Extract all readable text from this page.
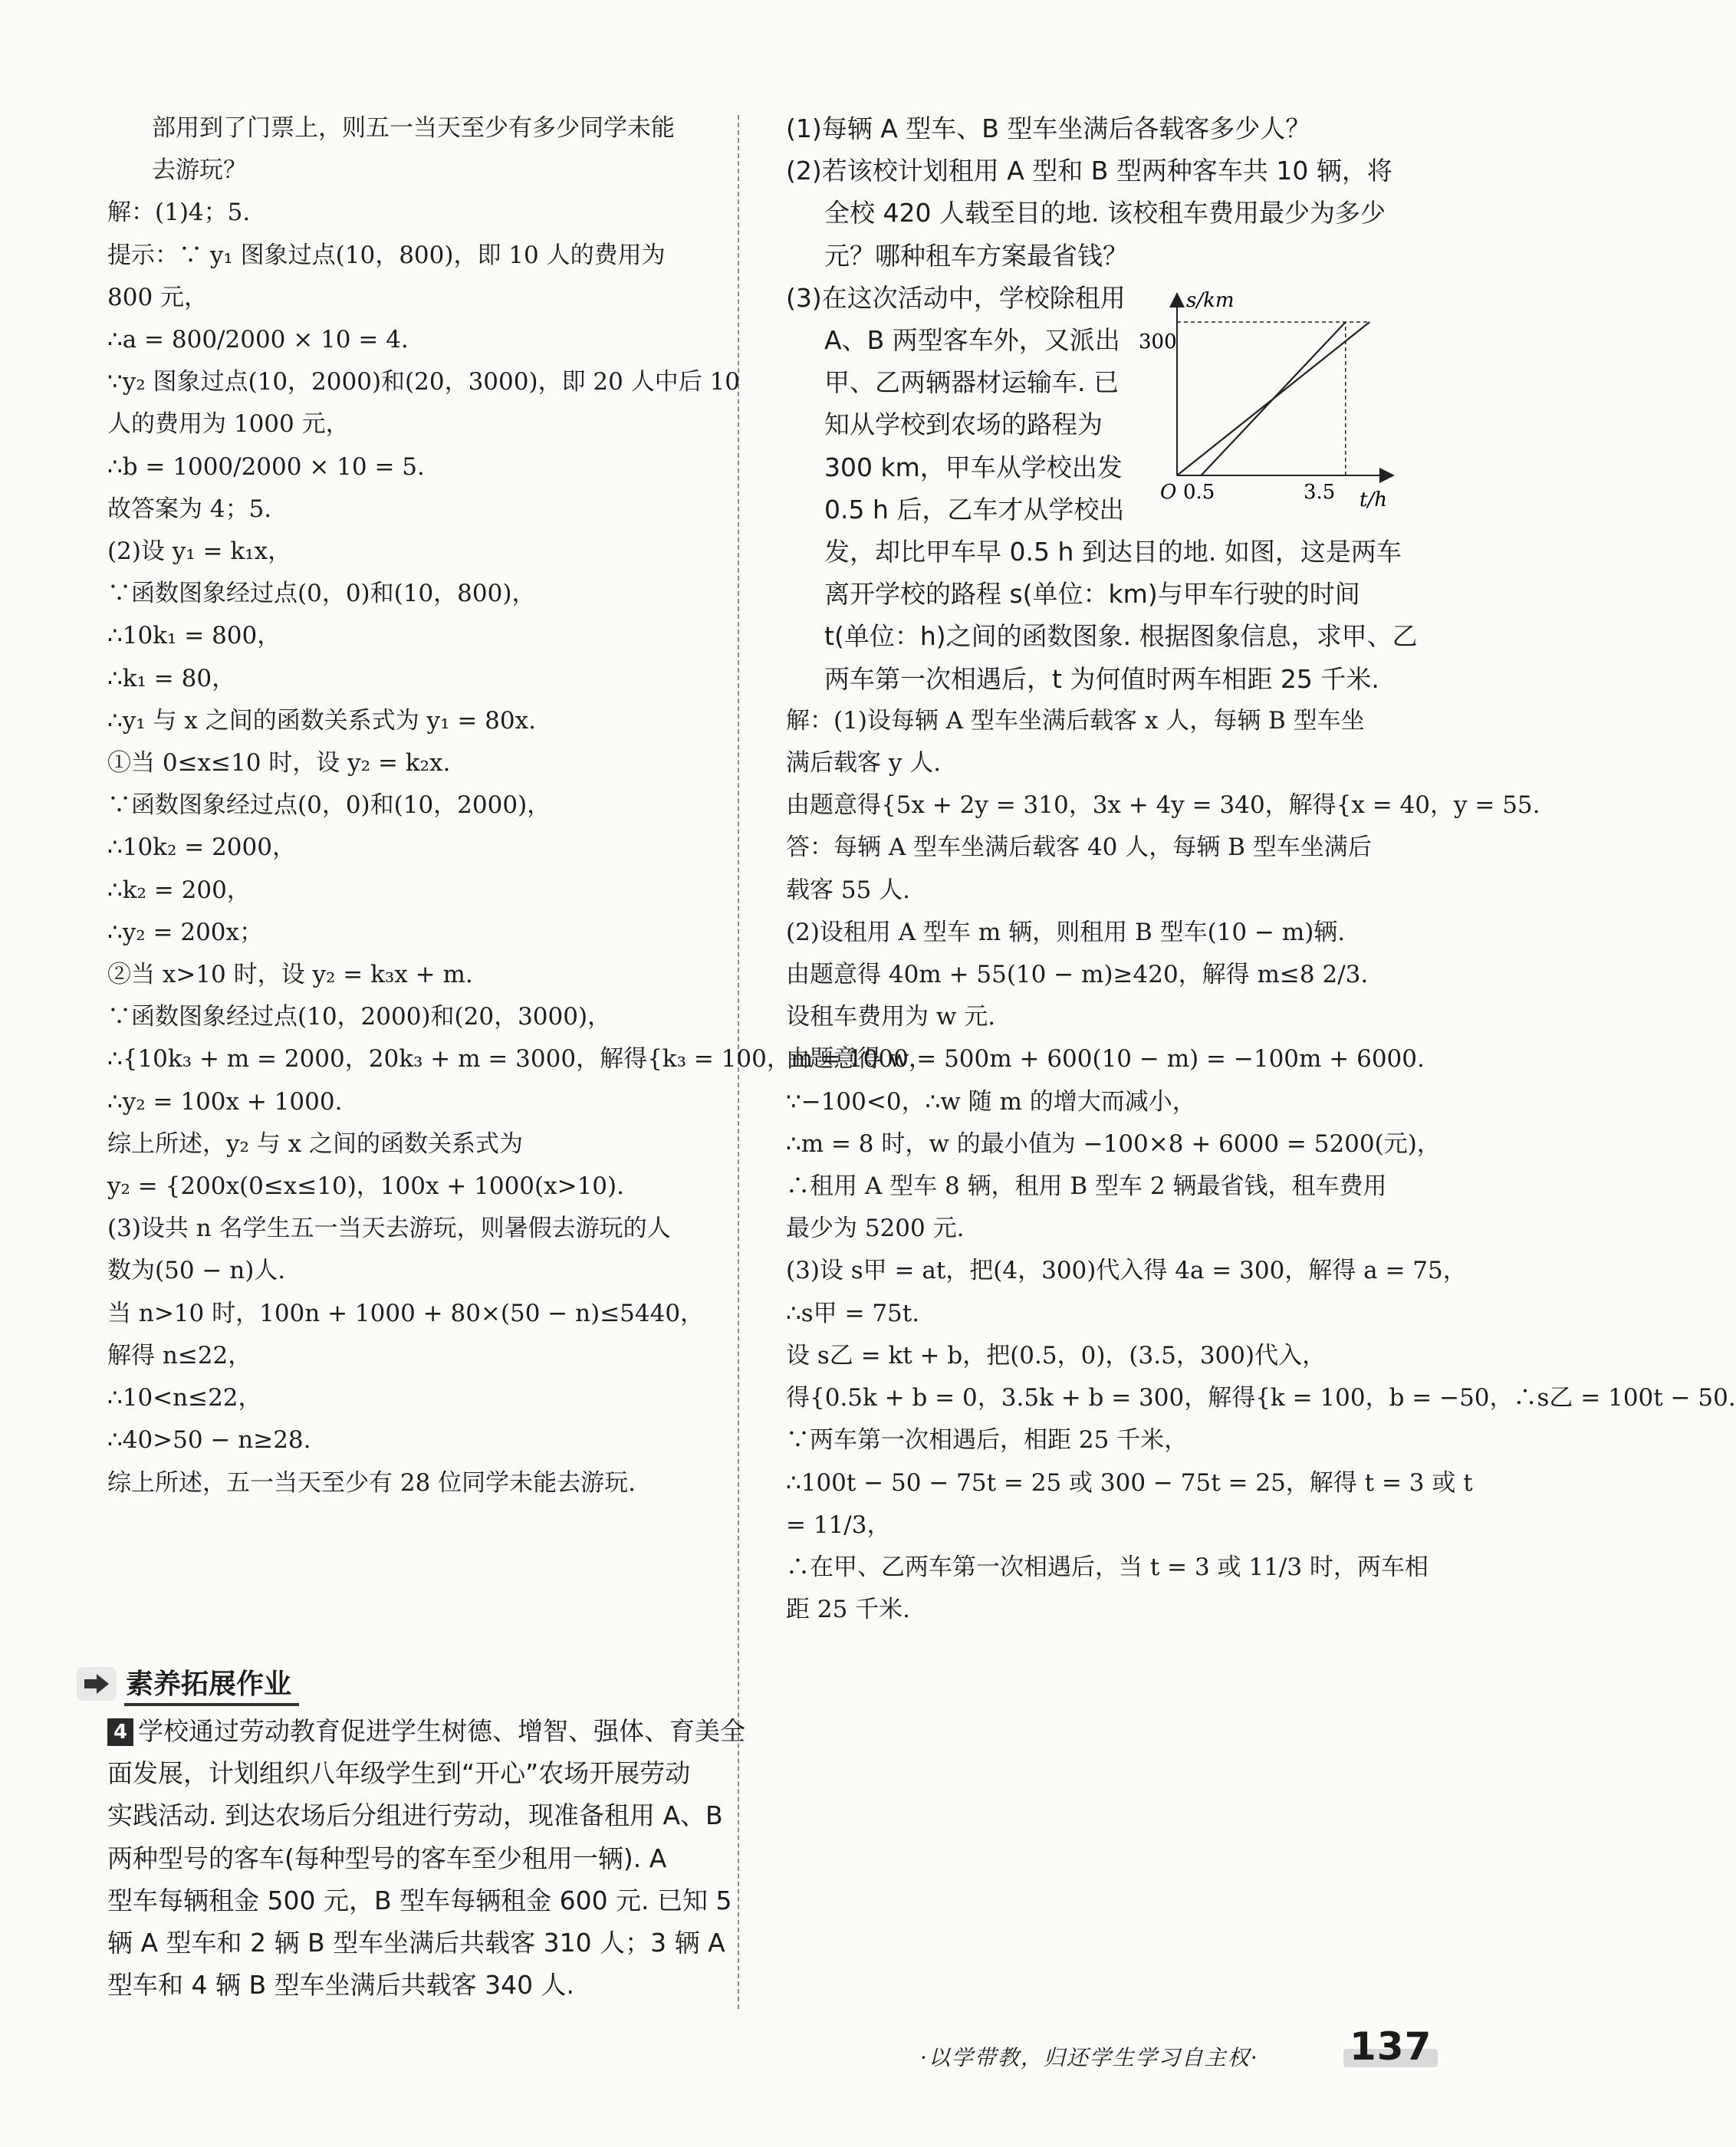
部用到了门票上，则五一当天至少有多少同学未能
去游玩？
解：(1)4；5.
提示：∵ y₁ 图象过点(10，800)，即 10 人的费用为
800 元，
∴a = 800/2000 × 10 = 4.
∵y₂ 图象过点(10，2000)和(20，3000)，即 20 人中后 10
人的费用为 1000 元，
∴b = 1000/2000 × 10 = 5.
故答案为 4；5.
(2)设 y₁ = k₁x，
∵函数图象经过点(0，0)和(10，800)，
∴10k₁ = 800，
∴k₁ = 80，
∴y₁ 与 x 之间的函数关系式为 y₁ = 80x.
①当 0≤x≤10 时，设 y₂ = k₂x.
∵函数图象经过点(0，0)和(10，2000)，
∴10k₂ = 2000，
∴k₂ = 200，
∴y₂ = 200x；
②当 x>10 时，设 y₂ = k₃x + m.
∵函数图象经过点(10，2000)和(20，3000)，
∴{10k₃ + m = 2000，20k₃ + m = 3000，解得{k₃ = 100，m = 1000，
∴y₂ = 100x + 1000.
综上所述，y₂ 与 x 之间的函数关系式为
y₂ = {200x(0≤x≤10)，100x + 1000(x>10).
(3)设共 n 名学生五一当天去游玩，则暑假去游玩的人
数为(50 − n)人.
当 n>10 时，100n + 1000 + 80×(50 − n)≤5440，
解得 n≤22，
∴10<n≤22，
∴40>50 − n≥28.
综上所述，五一当天至少有 28 位同学未能去游玩.
素养拓展作业
4 学校通过劳动教育促进学生树德、增智、强体、育美全
面发展，计划组织八年级学生到“开心”农场开展劳动
实践活动. 到达农场后分组进行劳动，现准备租用 A、B
两种型号的客车(每种型号的客车至少租用一辆). A
型车每辆租金 500 元，B 型车每辆租金 600 元. 已知 5
辆 A 型车和 2 辆 B 型车坐满后共载客 310 人；3 辆 A
型车和 4 辆 B 型车坐满后共载客 340 人.
(1)每辆 A 型车、B 型车坐满后各载客多少人？
(2)若该校计划租用 A 型和 B 型两种客车共 10 辆，将
全校 420 人载至目的地. 该校租车费用最少为多少
元？哪种租车方案最省钱？
(3)在这次活动中，学校除租用
A、B 两型客车外，又派出
甲、乙两辆器材运输车. 已
知从学校到农场的路程为
300 km，甲车从学校出发
0.5 h 后，乙车才从学校出
发，却比甲车早 0.5 h 到达目的地. 如图，这是两车
离开学校的路程 s(单位：km)与甲车行驶的时间
t(单位：h)之间的函数图象. 根据图象信息，求甲、乙
两车第一次相遇后，t 为何值时两车相距 25 千米.
解：(1)设每辆 A 型车坐满后载客 x 人，每辆 B 型车坐
满后载客 y 人.
由题意得{5x + 2y = 310，3x + 4y = 340，解得{x = 40，y = 55.
答：每辆 A 型车坐满后载客 40 人，每辆 B 型车坐满后
载客 55 人.
(2)设租用 A 型车 m 辆，则租用 B 型车(10 − m)辆.
由题意得 40m + 55(10 − m)≥420，解得 m≤8 2/3.
设租车费用为 w 元.
由题意得 w = 500m + 600(10 − m) = −100m + 6000.
∵−100<0，∴w 随 m 的增大而减小，
∴m = 8 时，w 的最小值为 −100×8 + 6000 = 5200(元)，
∴租用 A 型车 8 辆，租用 B 型车 2 辆最省钱，租车费用
最少为 5200 元.
(3)设 s甲 = at，把(4，300)代入得 4a = 300，解得 a = 75，
∴s甲 = 75t.
设 s乙 = kt + b，把(0.5，0)，(3.5，300)代入，
得{0.5k + b = 0，3.5k + b = 300，解得{k = 100，b = −50，∴s乙 = 100t − 50.
∵两车第一次相遇后，相距 25 千米，
∴100t − 50 − 75t = 25 或 300 − 75t = 25，解得 t = 3 或 t
= 11/3，
∴在甲、乙两车第一次相遇后，当 t = 3 或 11/3 时，两车相
距 25 千米.
s/km
t/h
O
300
0.5	3.5
·以学带教，归还学生学习自主权· 137
